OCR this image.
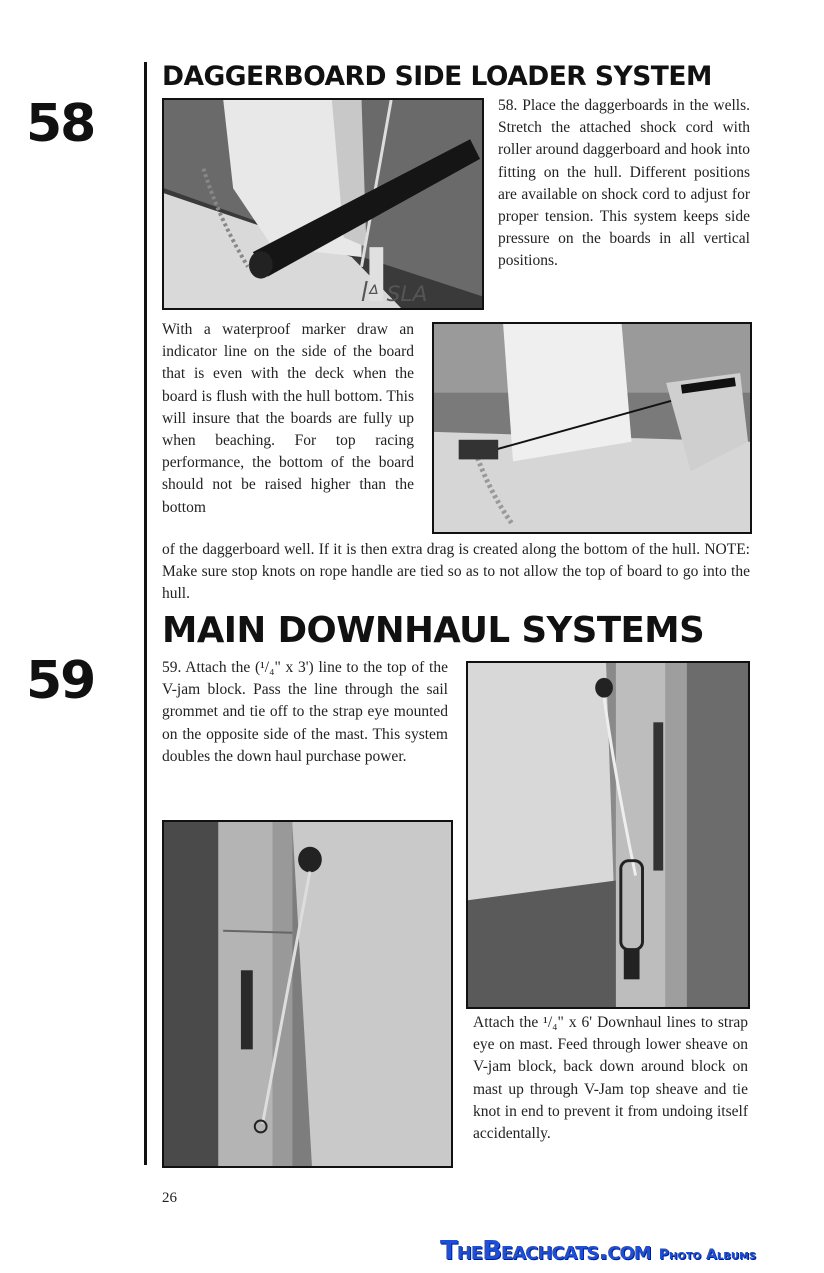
58
59
DAGGERBOARD SIDE LOADER SYSTEM
ꟾᐞ SLA
58. Place the daggerboards in the wells. Stretch the attached shock cord with roller around daggerboard and hook into fitting on the hull. Different positions are available on shock cord to adjust for proper tension. This system keeps side pressure on the boards in all vertical positions.
With a waterproof marker draw an indicator line on the side of the board that is even with the deck when the board is flush with the hull bottom. This will insure that the boards are fully up when beaching. For top racing performance, the bottom of the board should not be raised higher than the bottom
of the daggerboard well. If it is then extra drag is created along the bottom of the hull. NOTE: Make sure stop knots on rope handle are tied so as to not allow the top of board to go into the hull.
MAIN DOWNHAUL SYSTEMS
59. Attach the (¹/₄" x 3') line to the top of the V-jam block. Pass the line through the sail grommet and tie off to the strap eye mounted on the opposite side of the mast. This system doubles the down haul purchase power.
Attach the ¹/₄" x 6' Downhaul lines to strap eye on mast. Feed through lower sheave on V-jam block, back down around block on mast up through V-Jam top sheave and tie knot in end to prevent it from undoing itself accidentally.
26
TheBeachcats.com Photo Albums
